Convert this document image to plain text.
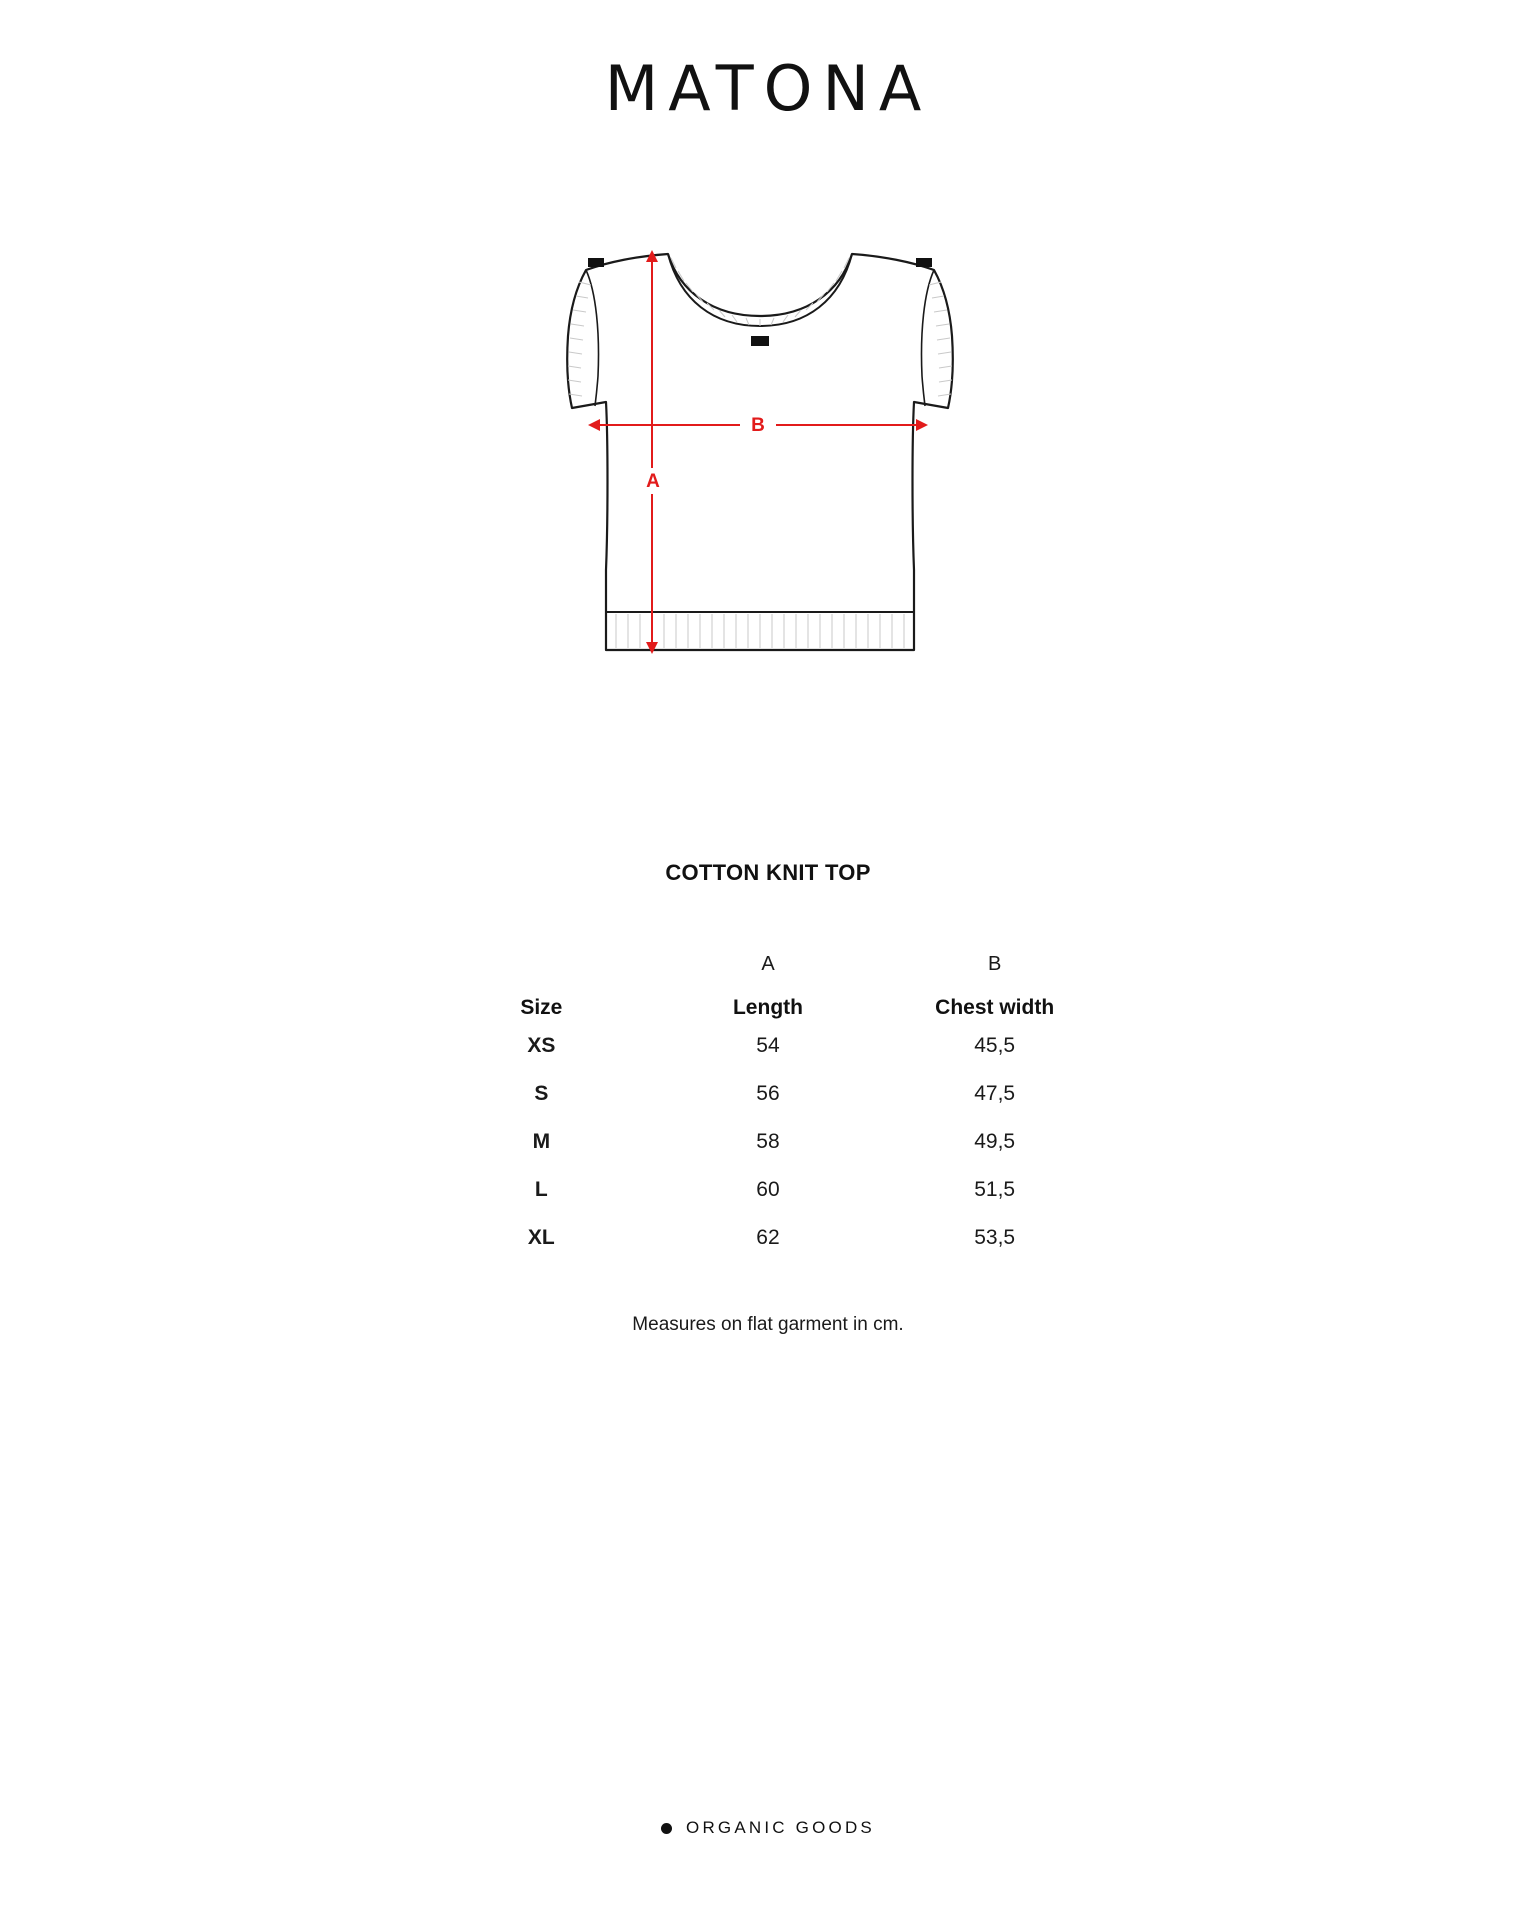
MATONA
B
A
COTTON KNIT TOP
	A	B
Size	Length	Chest width
XS	54	45,5
S	56	47,5
M	58	49,5
L	60	51,5
XL	62	53,5
Measures on flat garment in cm.
ORGANIC GOODS
